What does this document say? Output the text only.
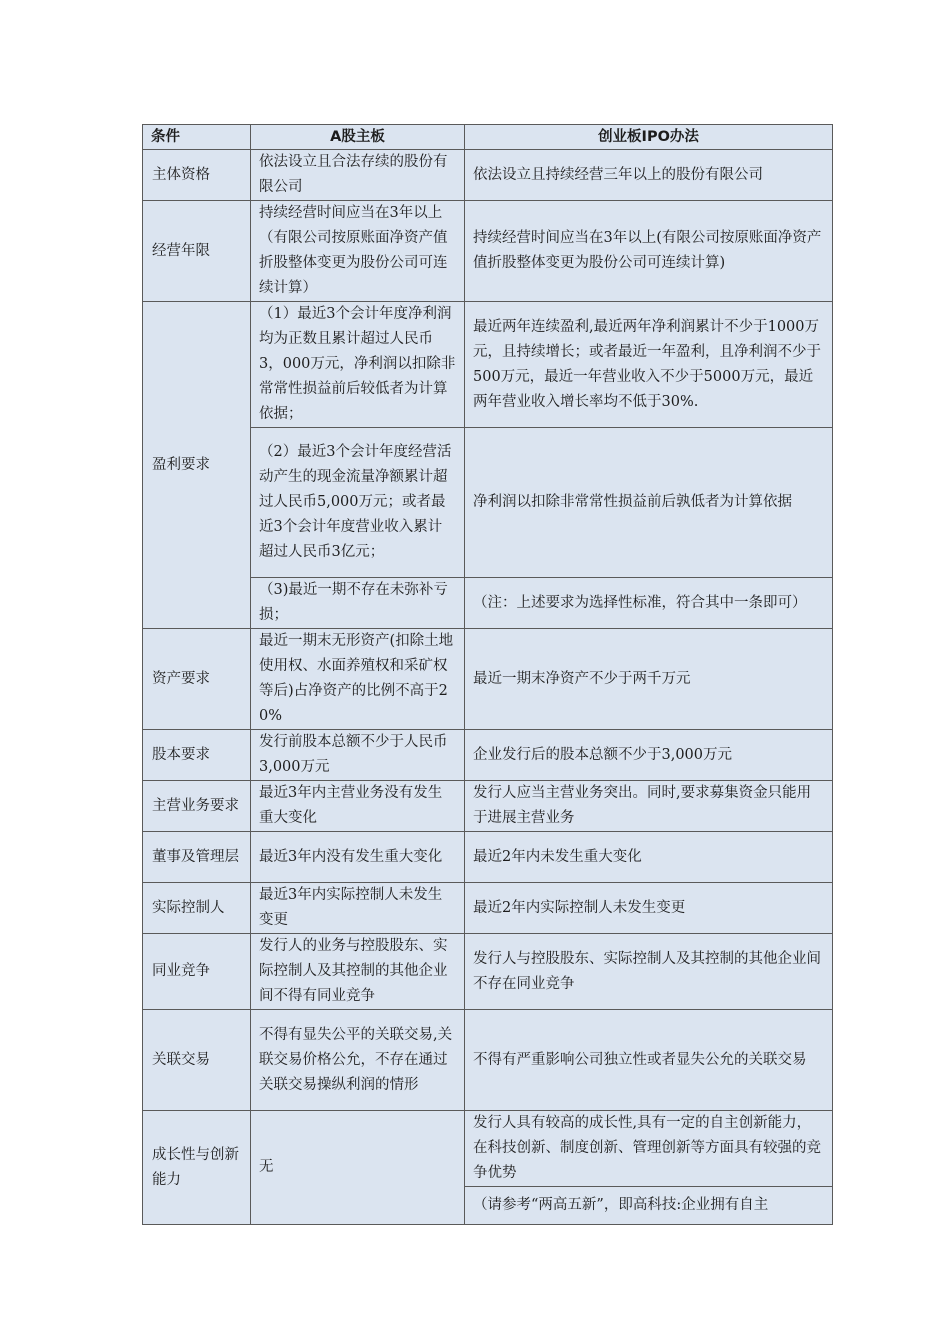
条件	A股主板	创业板IPO办法
主体资格	依法设立且合法存续的股份有限公司	依法设立且持续经营三年以上的股份有限公司
经营年限	持续经营时间应当在3年以上（有限公司按原账面净资产值折股整体变更为股份公司可连续计算）	持续经营时间应当在3年以上(有限公司按原账面净资产值折股整体变更为股份公司可连续计算)
盈利要求	（1）最近3个会计年度净利润均为正数且累计超过人民币3，000万元，净利润以扣除非常常性损益前后较低者为计算依据；	最近两年连续盈利,最近两年净利润累计不少于1000万元，且持续增长；或者最近一年盈利，且净利润不少于500万元，最近一年营业收入不少于5000万元，最近两年营业收入增长率均不低于30%.
	（2）最近3个会计年度经营活动产生的现金流量净额累计超过人民币5,000万元；或者最近3个会计年度营业收入累计超过人民币3亿元；	净利润以扣除非常常性损益前后孰低者为计算依据
	（3)最近一期不存在未弥补亏损；	（注：上述要求为选择性标准，符合其中一条即可）
资产要求	最近一期末无形资产(扣除土地使用权、水面养殖权和采矿权等后)占净资产的比例不高于20%	最近一期末净资产不少于两千万元
股本要求	发行前股本总额不少于人民币3,000万元	企业发行后的股本总额不少于3,000万元
主营业务要求	最近3年内主营业务没有发生重大变化	发行人应当主营业务突出。同时,要求募集资金只能用于进展主营业务
董事及管理层	最近3年内没有发生重大变化	最近2年内未发生重大变化
实际控制人	最近3年内实际控制人未发生变更	最近2年内实际控制人未发生变更
同业竞争	发行人的业务与控股股东、实际控制人及其控制的其他企业间不得有同业竞争	发行人与控股股东、实际控制人及其控制的其他企业间不存在同业竞争
关联交易	不得有显失公平的关联交易,关联交易价格公允，不存在通过关联交易操纵利润的情形	不得有严重影响公司独立性或者显失公允的关联交易
成长性与创新能力	无	发行人具有较高的成长性,具有一定的自主创新能力，在科技创新、制度创新、管理创新等方面具有较强的竞争优势
		（请参考“两高五新”，即高科技:企业拥有自主
